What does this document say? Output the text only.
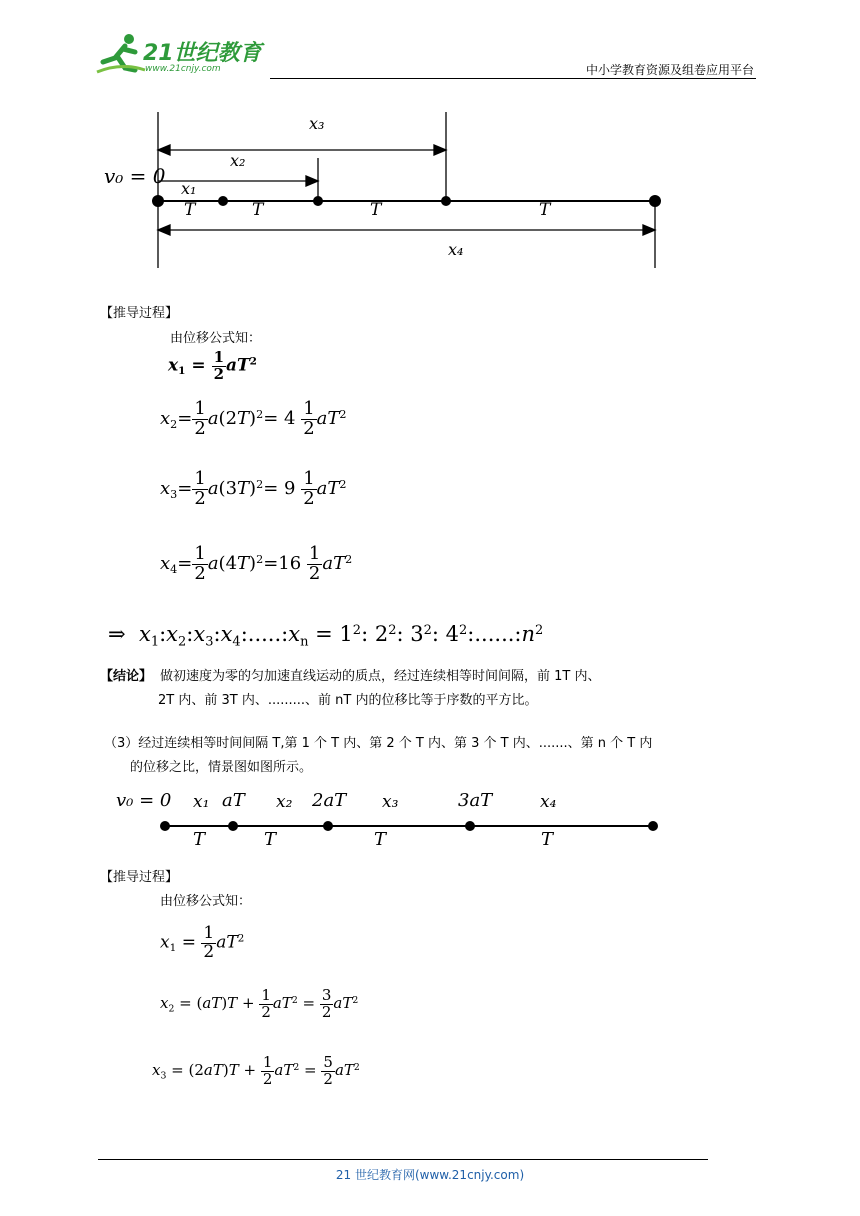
21世纪教育
www.21cnjy.com	中小学教育资源及组卷应用平台
v₀ = 0
x₃
x₂
x₁
T	T	T	T
x₄
【推导过程】
由位移公式知：
$x_1 = \frac{1}{2} aT^2$
$x_2= \frac{1}{2} a(2T)^2= 4 \frac{1}{2} aT^2$
$x_3= \frac{1}{2} a(3T)^2= 9 \frac{1}{2} aT^2$
$x_4= \frac{1}{2} a(4T)^2=16 \frac{1}{2} aT^2$
⇒  $x_1:x_2:x_3:x_4:.....:x_n = 1^2$: $2^2$: $3^2$: $4^2:......:n^2$
【结论】 做初速度为零的匀加速直线运动的质点，经过连续相等时间间隔，前 1T 内、
2T 内、前 3T 内、.........、前 nT 内的位移比等于序数的平方比。
（3）经过连续相等时间间隔 T,第 1 个 T 内、第 2 个 T 内、第 3 个 T 内、.......、第 n 个 T 内
的位移之比，情景图如图所示。
v₀ = 0 x₁ aT x₂ 2aT x₃	3aT	x₄
T	T	T	T
【推导过程】
由位移公式知：
$x_1 = \frac{1}{2} aT^2$
$x_2 = (aT)T + \frac{1}{2} aT^2 = \frac{3}{2} aT^2$
$x_3 = (2aT)T + \frac{1}{2} aT^2 = \frac{5}{2} aT^2$
21 世纪教育网(www.21cnjy.com)
